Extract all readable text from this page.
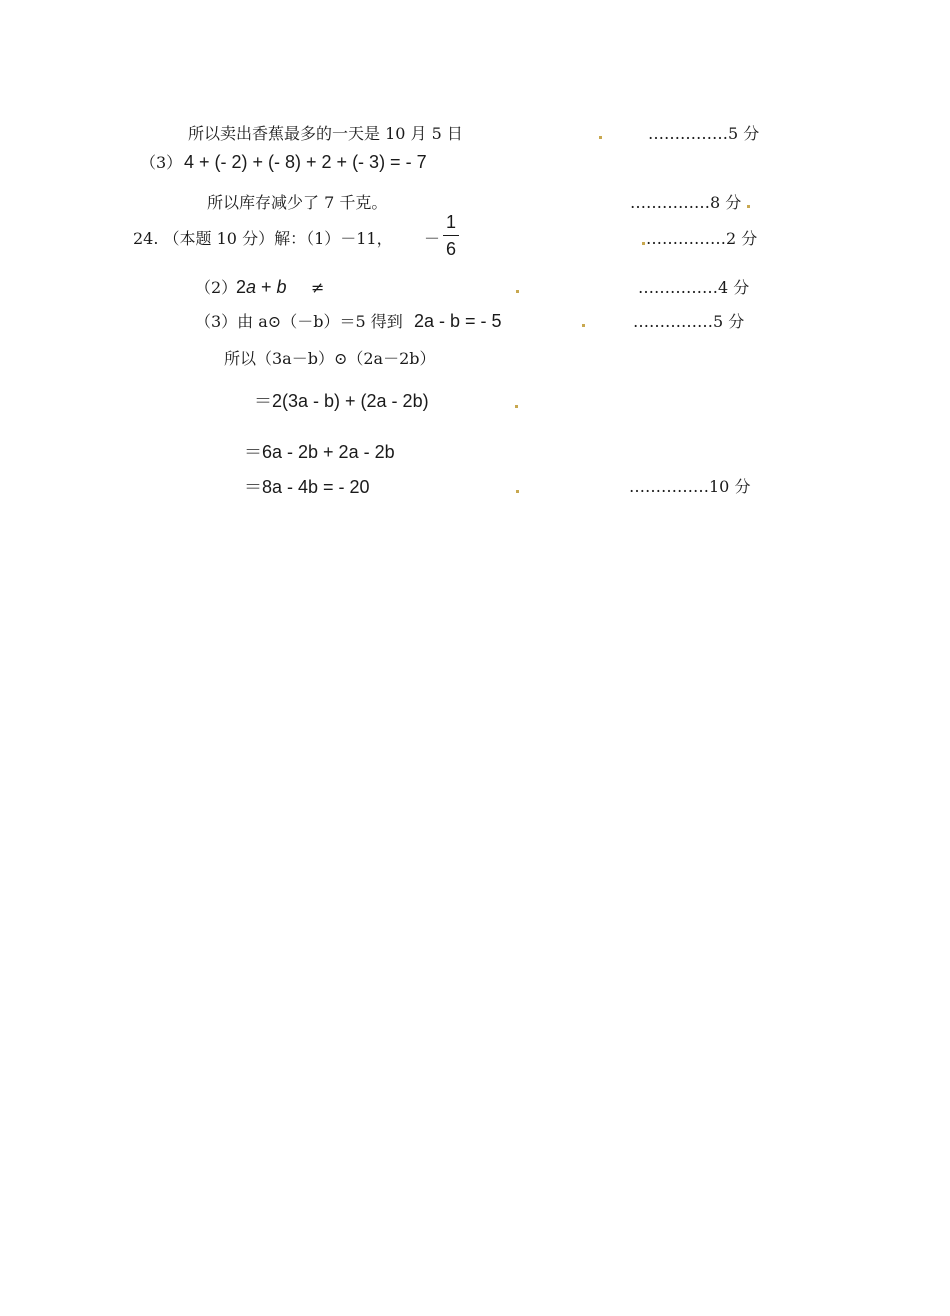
所以卖出香蕉最多的一天是 10 月 5 日	……………5 分
（3） 4 + (- 2) + (- 8) + 2 + (- 3) = - 7
所以库存减少了 7 千克。	……………8 分
24. （本题 10 分）解：（1）－11， －
1
6
……………2 分
（2）
2a + b ≠	……………4 分
（3）由 a⊙（－b）＝5 得到 2a - b = - 5	……………5 分
所以（3a－b）⊙（2a－2b）
＝2(3a - b) + (2a - 2b)
＝6a - 2b + 2a - 2b
＝8a - 4b = - 20	……………10 分
